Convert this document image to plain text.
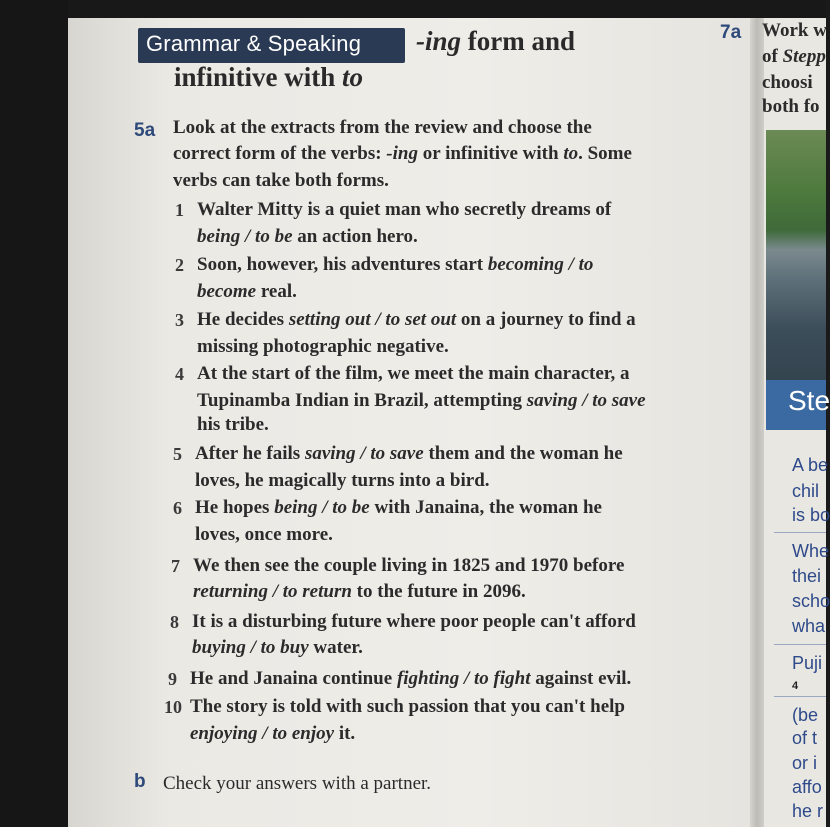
Grammar & Speaking -ing form and
infinitive with to
5a Look at the extracts from the review and choose the
correct form of the verbs: -ing or infinitive with to. Some
verbs can take both forms.
1 Walter Mitty is a quiet man who secretly dreams of
being / to be an action hero.
2 Soon, however, his adventures start becoming / to
become real.
3 He decides setting out / to set out on a journey to find a
missing photographic negative.
4 At the start of the film, we meet the main character, a
Tupinamba Indian in Brazil, attempting saving / to save
his tribe.
5 After he fails saving / to save them and the woman he
loves, he magically turns into a bird.
6 He hopes being / to be with Janaina, the woman he
loves, once more.
7 We then see the couple living in 1825 and 1970 before
returning / to return to the future in 2096.
8 It is a disturbing future where poor people can't afford
buying / to buy water.
9 He and Janaina continue fighting / to fight against evil.
10 The story is told with such passion that you can't help
enjoying / to enjoy it.
b Check your answers with a partner.
7a Work w
of Stepp
choosi
both fo
Ste
A be
chil
is bo
Whe
thei
scho
wha
Puji
4
(be
of t
or i
affo
he r
